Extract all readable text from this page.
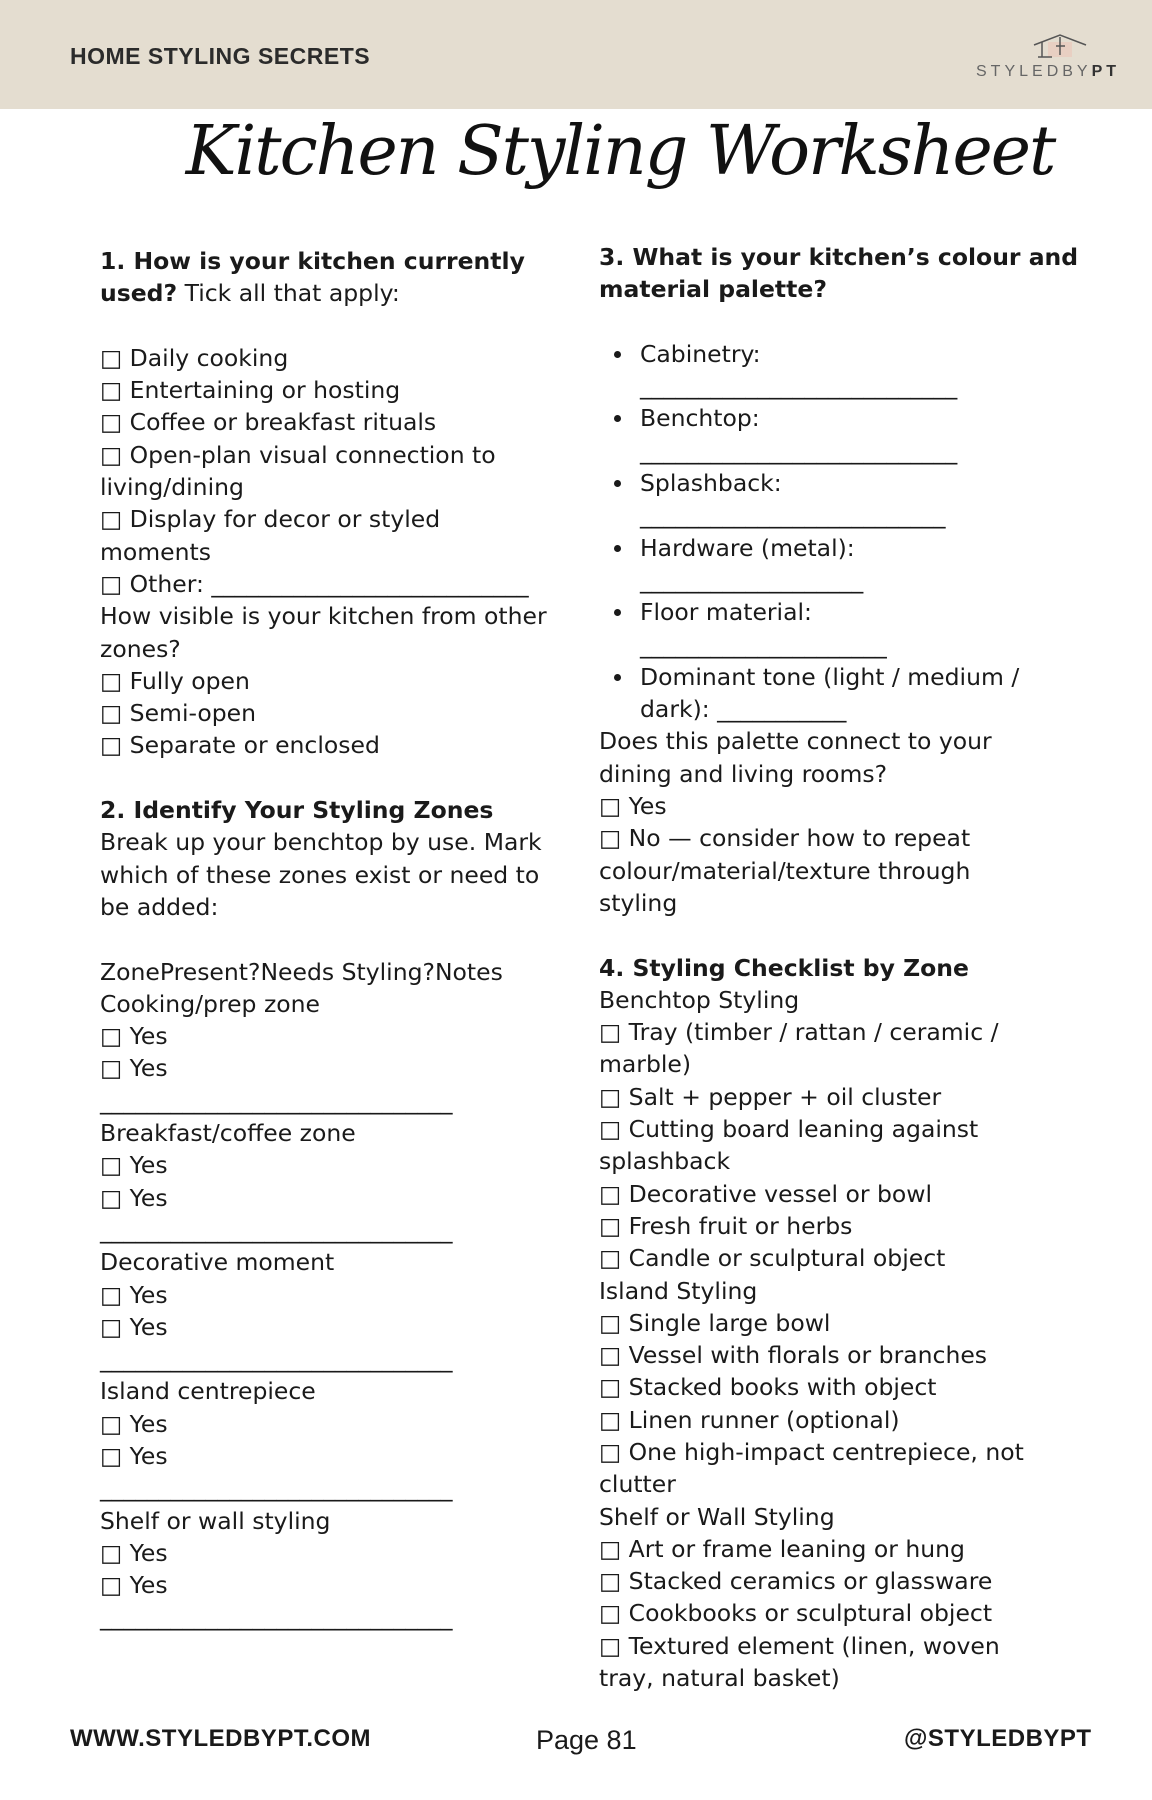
HOME STYLING SECRETS
STYLEDBYPT
Kitchen Styling Worksheet
1. How is your kitchen currently
used? Tick all that apply:
□ Daily cooking
□ Entertaining or hosting
□ Coffee or breakfast rituals
□ Open-plan visual connection to
living/dining
□ Display for decor or styled
moments
□ Other: ___________________________
How visible is your kitchen from other
zones?
□ Fully open
□ Semi-open
□ Separate or enclosed
2. Identify Your Styling Zones
Break up your benchtop by use. Mark
which of these zones exist or need to
be added:
ZonePresent?Needs Styling?Notes
Cooking/prep zone
□ Yes
□ Yes
______________________________
Breakfast/coffee zone
□ Yes
□ Yes
______________________________
Decorative moment
□ Yes
□ Yes
______________________________
Island centrepiece
□ Yes
□ Yes
______________________________
Shelf or wall styling
□ Yes
□ Yes
______________________________
3. What is your kitchen’s colour and
material palette?
Cabinetry:
___________________________
Benchtop:
___________________________
Splashback:
__________________________
Hardware (metal):
___________________
Floor material:
_____________________
Dominant tone (light / medium /
dark): ___________
Does this palette connect to your
dining and living rooms?
□ Yes
□ No — consider how to repeat
colour/material/texture through
styling
4. Styling Checklist by Zone
Benchtop Styling
□ Tray (timber / rattan / ceramic /
marble)
□ Salt + pepper + oil cluster
□ Cutting board leaning against
splashback
□ Decorative vessel or bowl
□ Fresh fruit or herbs
□ Candle or sculptural object
Island Styling
□ Single large bowl
□ Vessel with florals or branches
□ Stacked books with object
□ Linen runner (optional)
□ One high-impact centrepiece, not
clutter
Shelf or Wall Styling
□ Art or frame leaning or hung
□ Stacked ceramics or glassware
□ Cookbooks or sculptural object
□ Textured element (linen, woven
tray, natural basket)
WWW.STYLEDBYPT.COM	Page 81	@STYLEDBYPT
